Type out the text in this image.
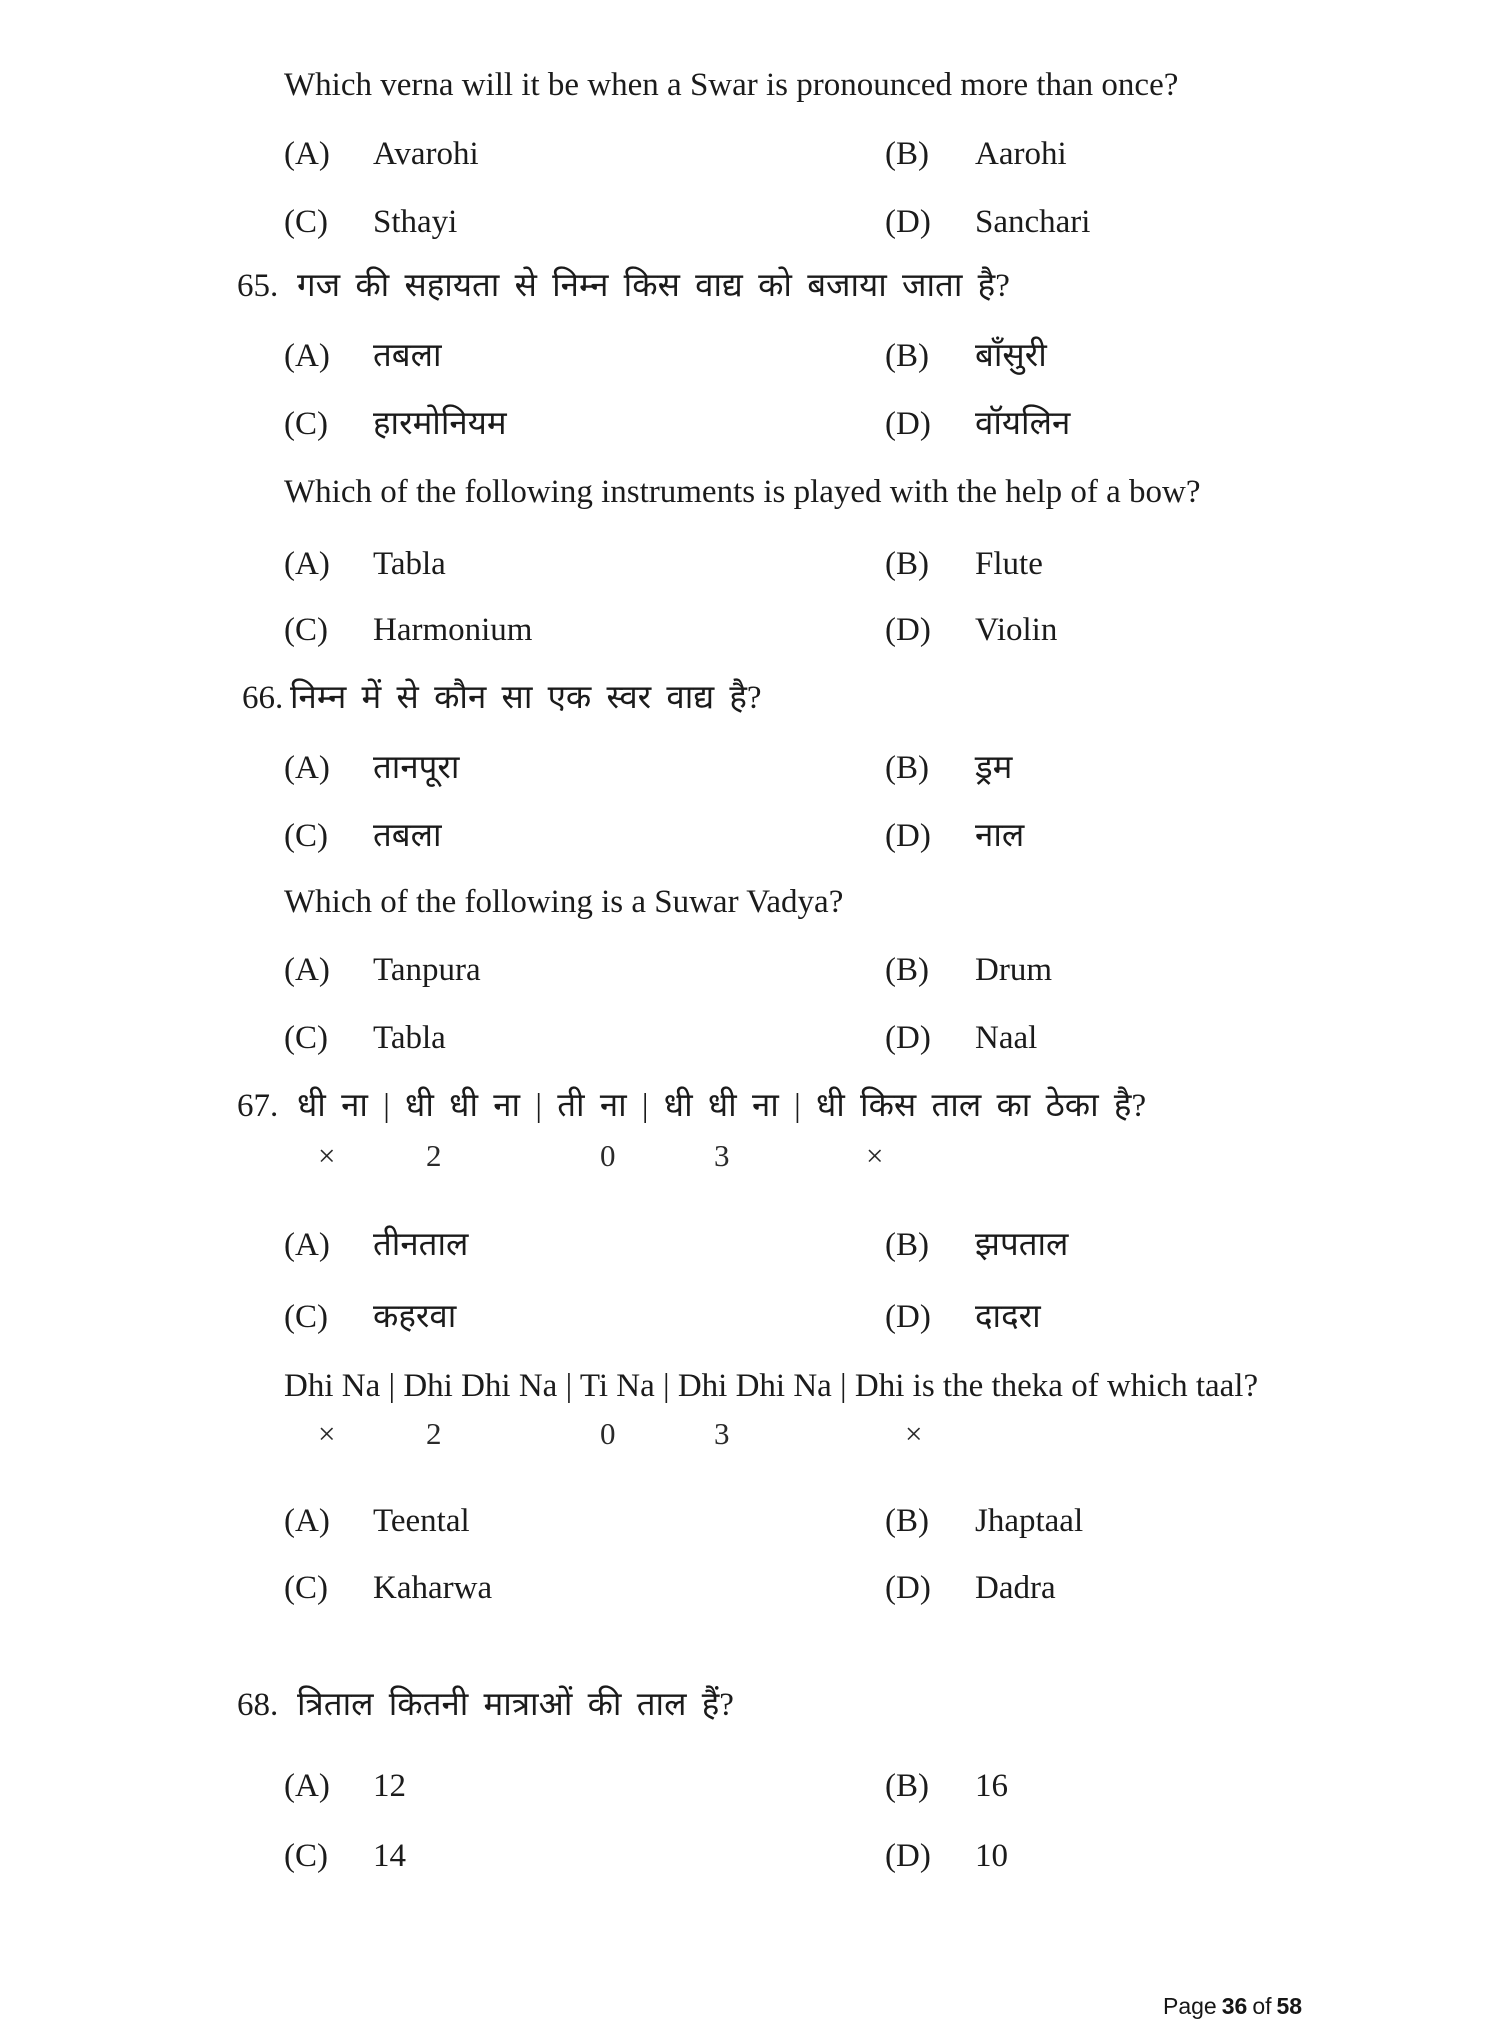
Which verna will it be when a Swar is pronounced more than once?
(A) Avarohi	(B) Aarohi
(C) Sthayi	(D) Sanchari
65. गज की सहायता से निम्न किस वाद्य को बजाया जाता है?
(A) तबला	(B) बाँसुरी
(C) हारमोनियम	(D) वॉयलिन
Which of the following instruments is played with the help of a bow?
(A) Tabla	(B) Flute
(C) Harmonium	(D) Violin
66. निम्न में से कौन सा एक स्वर वाद्य है?
(A) तानपूरा	(B) ड्रम
(C) तबला	(D) नाल
Which of the following is a Suwar Vadya?
(A) Tanpura	(B) Drum
(C) Tabla	(D) Naal
67. धी ना | धी धी ना | ती ना | धी धी ना | धी किस ताल का ठेका है?
×	2	0	3	×
(A) तीनताल	(B) झपताल
(C) कहरवा	(D) दादरा
Dhi Na | Dhi Dhi Na | Ti Na | Dhi Dhi Na | Dhi is the theka of which taal?
×	2	0	3	×
(A) Teental	(B) Jhaptaal
(C) Kaharwa	(D) Dadra
68. त्रिताल कितनी मात्राओं की ताल हैं?
(A) 12	(B) 16
(C) 14	(D) 10
Page 36 of 58
